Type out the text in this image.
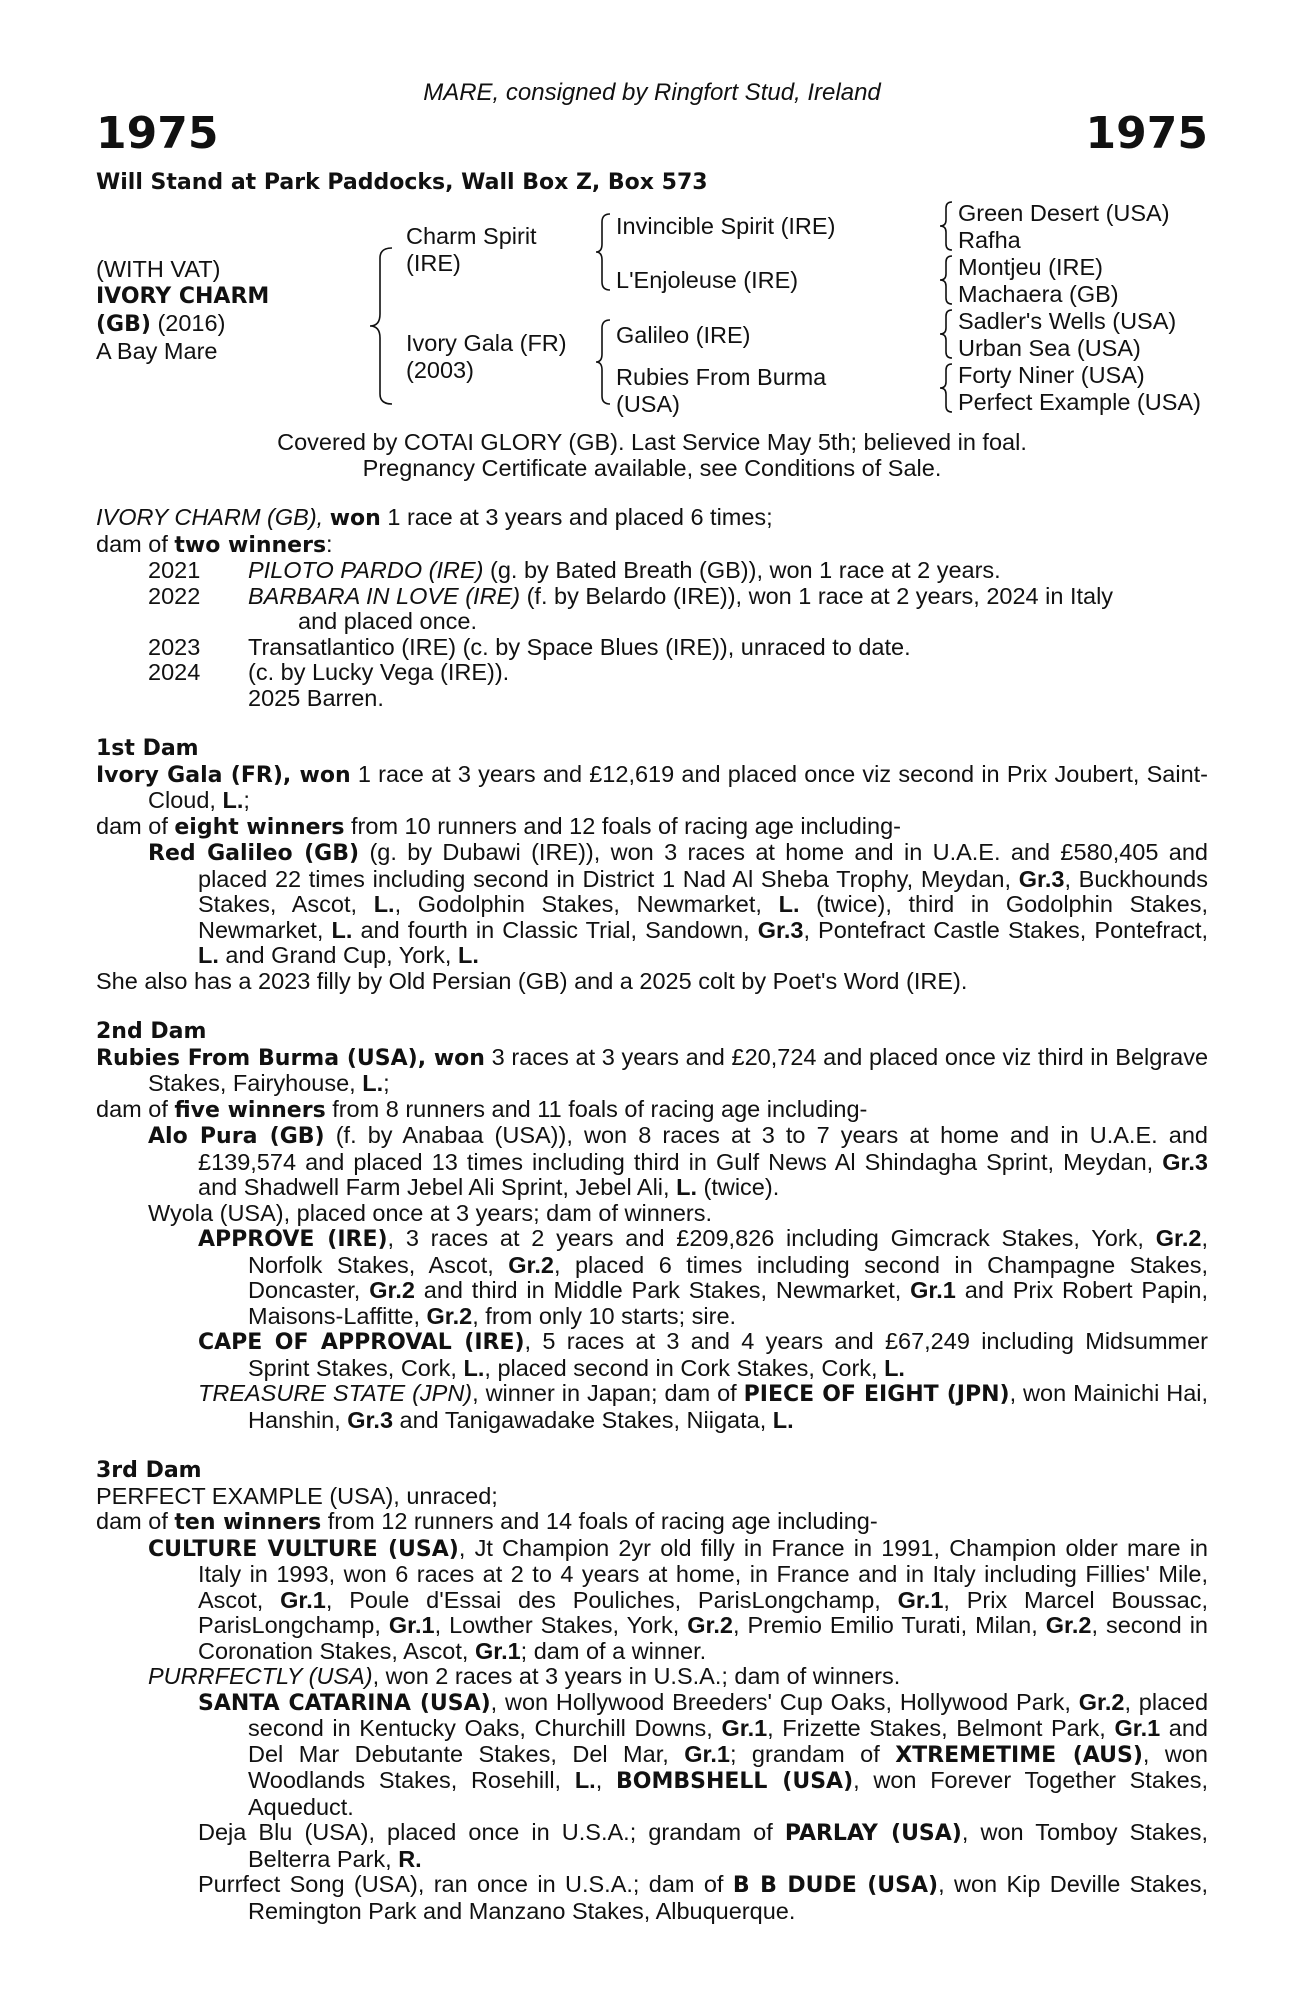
MARE, consigned by Ringfort Stud, Ireland
1975	1975
Will Stand at Park Paddocks, Wall Box Z, Box 573
(WITH VAT)
IVORY CHARM
(GB) (2016)
A Bay Mare
Charm Spirit
(IRE)
Ivory Gala (FR)
(2003)
Invincible Spirit (IRE)
L'Enjoleuse (IRE)
Galileo (IRE)
Rubies From Burma
(USA)
Green Desert (USA)
Rafha
Montjeu (IRE)
Machaera (GB)
Sadler's Wells (USA)
Urban Sea (USA)
Forty Niner (USA)
Perfect Example (USA)
Covered by COTAI GLORY (GB). Last Service May 5th; believed in foal.
Pregnancy Certificate available, see Conditions of Sale.
IVORY CHARM (GB), won 1 race at 3 years and placed 6 times;
dam of two winners:
2021	PILOTO PARDO (IRE) (g. by Bated Breath (GB)), won 1 race at 2 years.
2022	BARBARA IN LOVE (IRE) (f. by Belardo (IRE)), won 1 race at 2 years, 2024 in Italy
and placed once.
2023	Transatlantico (IRE) (c. by Space Blues (IRE)), unraced to date.
2024	(c. by Lucky Vega (IRE)).
2025 Barren.
1st Dam
Ivory Gala (FR), won 1 race at 3 years and £12,619 and placed once viz second in Prix Joubert, Saint-Cloud, L.;
dam of eight winners from 10 runners and 12 foals of racing age including-
Red Galileo (GB) (g. by Dubawi (IRE)), won 3 races at home and in U.A.E. and £580,405 and placed 22 times including second in District 1 Nad Al Sheba Trophy, Meydan, Gr.3, Buckhounds Stakes, Ascot, L., Godolphin Stakes, Newmarket, L. (twice), third in Godolphin Stakes, Newmarket, L. and fourth in Classic Trial, Sandown, Gr.3, Pontefract Castle Stakes, Pontefract, L. and Grand Cup, York, L.
She also has a 2023 filly by Old Persian (GB) and a 2025 colt by Poet's Word (IRE).
2nd Dam
Rubies From Burma (USA), won 3 races at 3 years and £20,724 and placed once viz third in Belgrave Stakes, Fairyhouse, L.;
dam of five winners from 8 runners and 11 foals of racing age including-
Alo Pura (GB) (f. by Anabaa (USA)), won 8 races at 3 to 7 years at home and in U.A.E. and £139,574 and placed 13 times including third in Gulf News Al Shindagha Sprint, Meydan, Gr.3 and Shadwell Farm Jebel Ali Sprint, Jebel Ali, L. (twice).
Wyola (USA), placed once at 3 years; dam of winners.
APPROVE (IRE), 3 races at 2 years and £209,826 including Gimcrack Stakes, York, Gr.2, Norfolk Stakes, Ascot, Gr.2, placed 6 times including second in Champagne Stakes, Doncaster, Gr.2 and third in Middle Park Stakes, Newmarket, Gr.1 and Prix Robert Papin, Maisons-Laffitte, Gr.2, from only 10 starts; sire.
CAPE OF APPROVAL (IRE), 5 races at 3 and 4 years and £67,249 including Midsummer Sprint Stakes, Cork, L., placed second in Cork Stakes, Cork, L.
TREASURE STATE (JPN), winner in Japan; dam of PIECE OF EIGHT (JPN), won Mainichi Hai, Hanshin, Gr.3 and Tanigawadake Stakes, Niigata, L.
3rd Dam
PERFECT EXAMPLE (USA), unraced;
dam of ten winners from 12 runners and 14 foals of racing age including-
CULTURE VULTURE (USA), Jt Champion 2yr old filly in France in 1991, Champion older mare in Italy in 1993, won 6 races at 2 to 4 years at home, in France and in Italy including Fillies' Mile, Ascot, Gr.1, Poule d'Essai des Pouliches, ParisLongchamp, Gr.1, Prix Marcel Boussac, ParisLongchamp, Gr.1, Lowther Stakes, York, Gr.2, Premio Emilio Turati, Milan, Gr.2, second in Coronation Stakes, Ascot, Gr.1; dam of a winner.
PURRFECTLY (USA), won 2 races at 3 years in U.S.A.; dam of winners.
SANTA CATARINA (USA), won Hollywood Breeders' Cup Oaks, Hollywood Park, Gr.2, placed second in Kentucky Oaks, Churchill Downs, Gr.1, Frizette Stakes, Belmont Park, Gr.1 and Del Mar Debutante Stakes, Del Mar, Gr.1; grandam of XTREMETIME (AUS), won Woodlands Stakes, Rosehill, L., BOMBSHELL (USA), won Forever Together Stakes, Aqueduct.
Deja Blu (USA), placed once in U.S.A.; grandam of PARLAY (USA), won Tomboy Stakes, Belterra Park, R.
Purrfect Song (USA), ran once in U.S.A.; dam of B B DUDE (USA), won Kip Deville Stakes, Remington Park and Manzano Stakes, Albuquerque.
